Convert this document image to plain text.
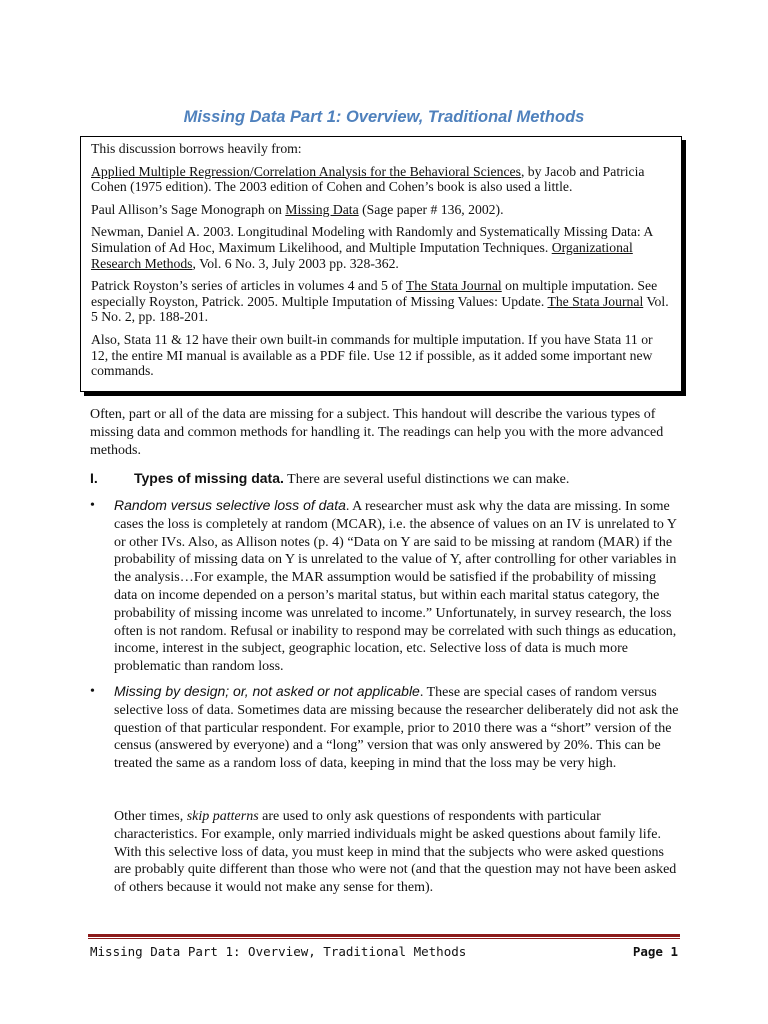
Missing Data Part 1: Overview, Traditional Methods

This discussion borrows heavily from:

Applied Multiple Regression/Correlation Analysis for the Behavioral Sciences, by Jacob and Patricia Cohen (1975 edition). The 2003 edition of Cohen and Cohen’s book is also used a little.

Paul Allison’s Sage Monograph on Missing Data (Sage paper # 136, 2002).

Newman, Daniel A. 2003. Longitudinal Modeling with Randomly and Systematically Missing Data: A Simulation of Ad Hoc, Maximum Likelihood, and Multiple Imputation Techniques. Organizational Research Methods, Vol. 6 No. 3, July 2003 pp. 328-362.

Patrick Royston’s series of articles in volumes 4 and 5 of The Stata Journal on multiple imputation. See especially Royston, Patrick. 2005. Multiple Imputation of Missing Values: Update. The Stata Journal Vol. 5 No. 2, pp. 188-201.

Also, Stata 11 & 12 have their own built-in commands for multiple imputation. If you have Stata 11 or 12, the entire MI manual is available as a PDF file. Use 12 if possible, as it added some important new commands.

Often, part or all of the data are missing for a subject. This handout will describe the various types of missing data and common methods for handling it. The readings can help you with the more advanced methods.

I.	Types of missing data. There are several useful distinctions we can make.
• Random versus selective loss of data. A researcher must ask why the data are missing. In some cases the loss is completely at random (MCAR), i.e. the absence of values on an IV is unrelated to Y or other IVs. Also, as Allison notes (p. 4) “Data on Y are said to be missing at random (MAR) if the probability of missing data on Y is unrelated to the value of Y, after controlling for other variables in the analysis…For example, the MAR assumption would be satisfied if the probability of missing data on income depended on a person’s marital status, but within each marital status category, the probability of missing income was unrelated to income.” Unfortunately, in survey research, the loss often is not random. Refusal or inability to respond may be correlated with such things as education, income, interest in the subject, geographic location, etc. Selective loss of data is much more problematic than random loss.
• Missing by design; or, not asked or not applicable. These are special cases of random versus selective loss of data. Sometimes data are missing because the researcher deliberately did not ask the question of that particular respondent. For example, prior to 2010 there was a “short” version of the census (answered by everyone) and a “long” version that was only answered by 20%. This can be treated the same as a random loss of data, keeping in mind that the loss may be very high.

Other times, skip patterns are used to only ask questions of respondents with particular characteristics. For example, only married individuals might be asked questions about family life. With this selective loss of data, you must keep in mind that the subjects who were asked questions are probably quite different than those who were not (and that the question may not have been asked of others because it would not make any sense for them).

Missing Data Part 1: Overview, Traditional Methods	Page 1
